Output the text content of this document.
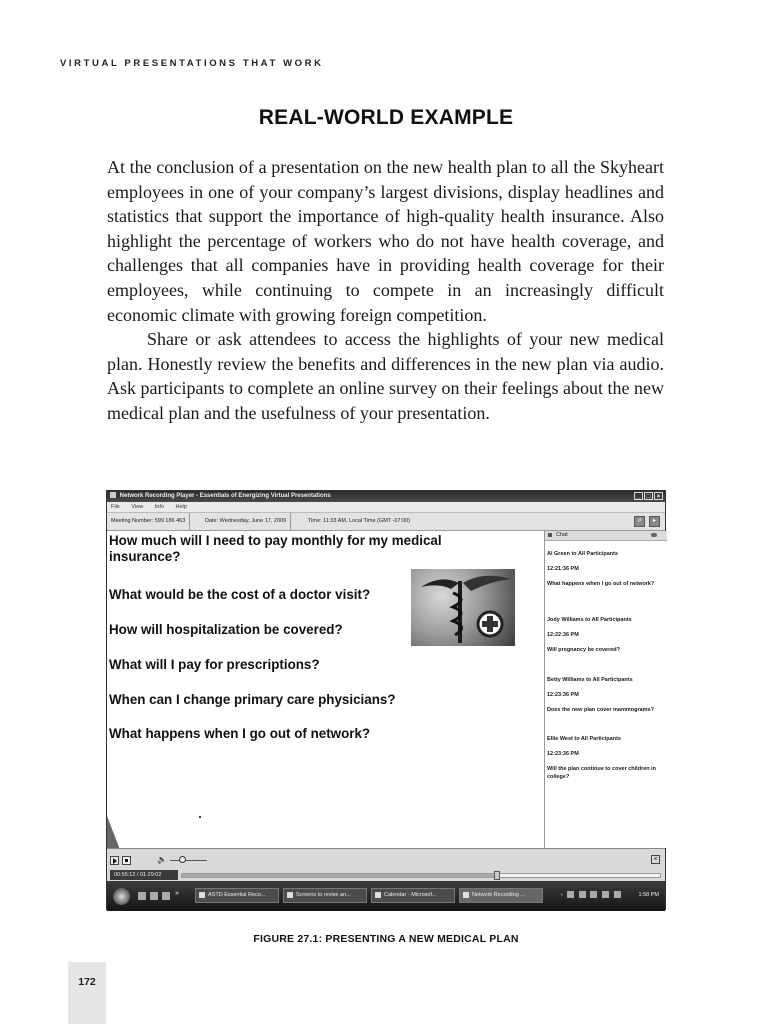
VIRTUAL PRESENTATIONS THAT WORK
REAL-WORLD EXAMPLE

At the conclusion of a presentation on the new health plan to all the Skyheart employees in one of your company’s largest divisions, display headlines and statistics that support the importance of high-quality health insurance. Also highlight the percentage of workers who do not have health coverage, and challenges that all companies have in providing health coverage for their employees, while continuing to compete in an increasingly difficult economic climate with growing foreign competition.

Share or ask attendees to access the highlights of your new medical plan. Honestly review the benefits and differences in the new plan via audio. Ask participants to complete an online survey on their feelings about the new medical plan and the usefulness of your presentation.

Network Recording Player - Essentials of Energizing Virtual Presentations	_ □ ×
File View Info Help
Meeting Number: 599 186 463	Date: Wednesday, June 17, 2009	Time: 11:33 AM, Local Time (GMT -07:00)	#	▸

How much will I need to pay monthly for my medical insurance?

What would be the cost of a doctor visit?

How will hospitalization be covered?

What will I pay for prescriptions?

When can I change primary care physicians?

What happens when I go out of network?

Chat

Al Green to All Participants

12:21:36 PM

What happens when I go out of network?

Jody Williams to All Participants

12:22:36 PM

Will pregnancy be covered?

Betty Williams to All Participants

12:23:36 PM

Does the new plan cover mammograms?

Ellie West to All Participants

12:23:36 PM

Will the plan continue to cover children in college?

🔈	×
00:55:12 / 01:29:02
»	ASTD Essential Reco...	Screens to revise an...	Calendar - Microsof...	Network Recording ...	‹	1:58 PM
FIGURE 27.1: PRESENTING A NEW MEDICAL PLAN
172
